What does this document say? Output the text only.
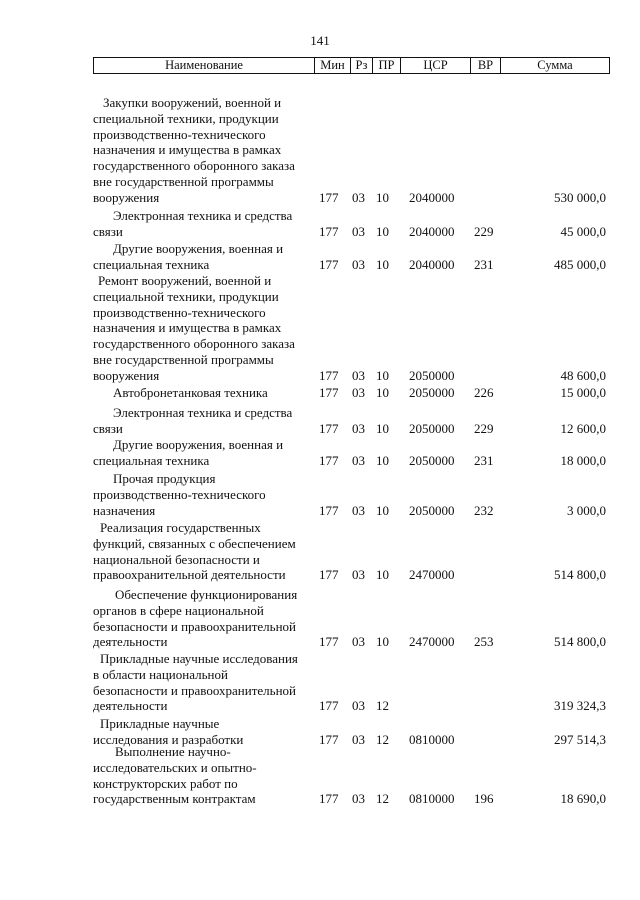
141
Наименование	Мин Рз ПР	ЦСР	ВР	Сумма
Закупки вооружений, военной и
специальной техники, продукции
производственно-технического
назначения и имущества в рамках
государственного оборонного заказа
вне государственной программы
вооружения	177 03 10 2040000	530 000,0
Электронная техника и средства
связи	177 03 10 2040000 229	45 000,0
Другие вооружения, военная и
специальная техника	177 03 10 2040000 231	485 000,0
Ремонт вооружений, военной и
специальной техники, продукции
производственно-технического
назначения и имущества в рамках
государственного оборонного заказа
вне государственной программы
вооружения	177 03 10 2050000	48 600,0
Автобронетанковая техника	177 03 10 2050000 226	15 000,0
Электронная техника и средства
связи	177 03 10 2050000 229	12 600,0
Другие вооружения, военная и
специальная техника	177 03 10 2050000 231	18 000,0
Прочая продукция
производственно-технического
назначения	177 03 10 2050000 232	3 000,0
Реализация государственных
функций, связанных с обеспечением
национальной безопасности и
правоохранительной деятельности	177 03 10 2470000	514 800,0
Обеспечение функционирования
органов в сфере национальной
безопасности и правоохранительной
деятельности	177 03 10 2470000 253	514 800,0
Прикладные научные исследования
в области национальной
безопасности и правоохранительной
деятельности	177 03 12	319 324,3
Прикладные научные
исследования и разработки	177 03 12 0810000	297 514,3
Выполнение научно-
исследовательских и опытно-
конструкторских работ по
государственным контрактам	177 03 12 0810000 196	18 690,0
